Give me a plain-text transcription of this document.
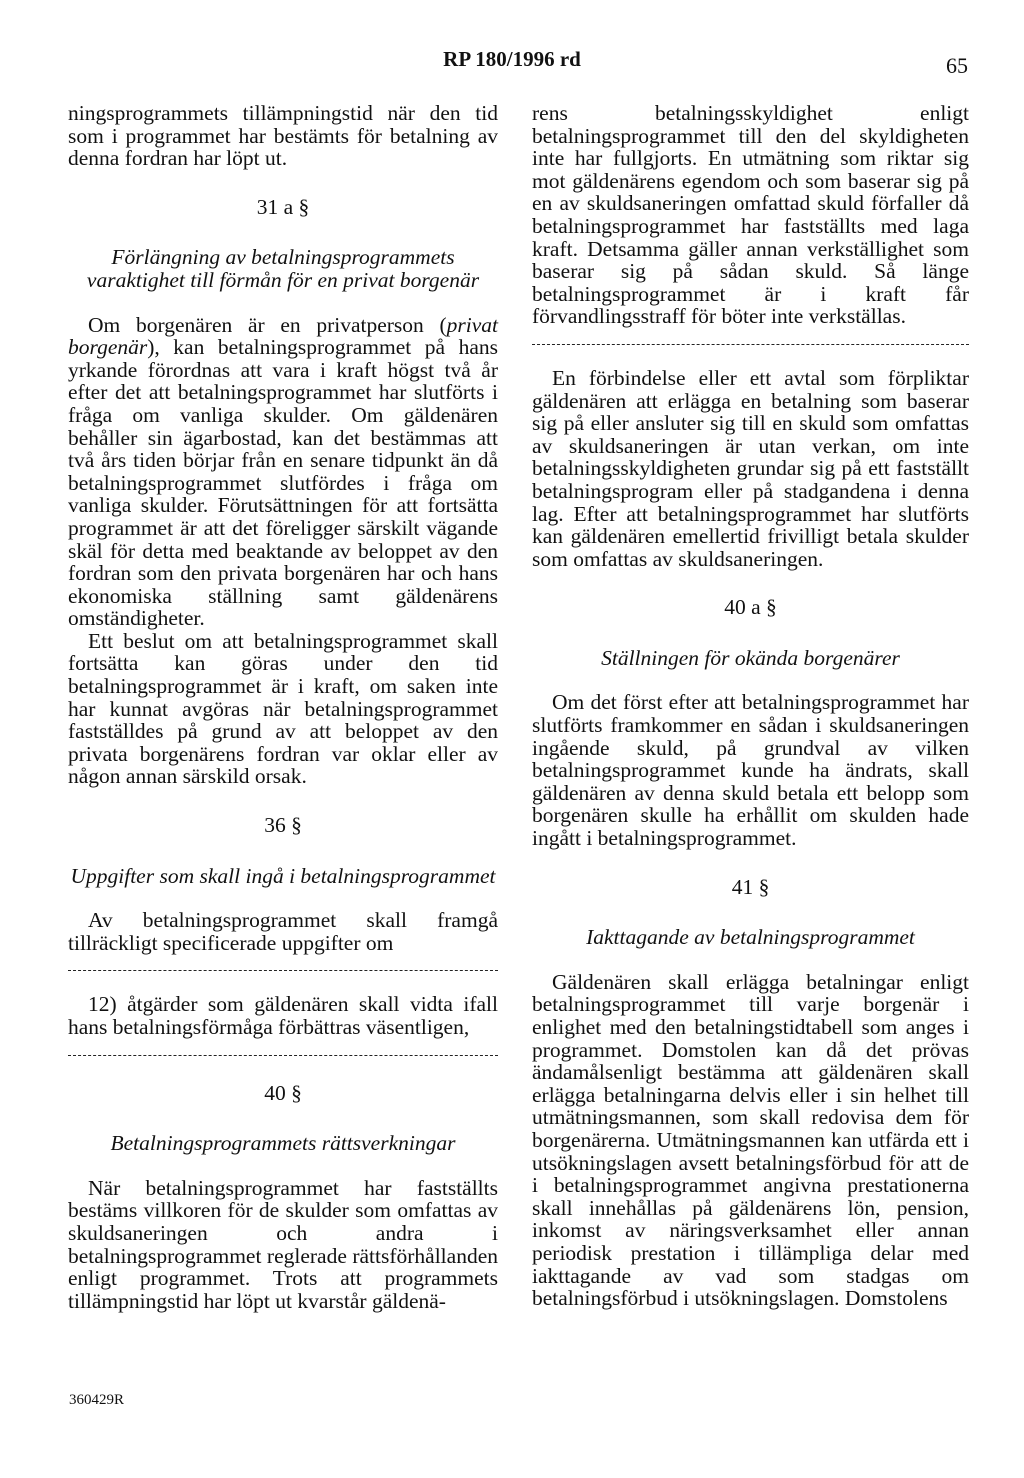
RP 180/1996 rd	65

ningsprogrammets tillämpningstid när den tid som i programmet har bestämts för betalning av denna fordran har löpt ut.

31 a §
Förlängning av betalningsprogrammets varaktighet till förmån för en privat borgenär

Om borgenären är en privatperson (privat borgenär), kan betalningsprogrammet på hans yrkande förordnas att vara i kraft högst två år efter det att betalningsprogrammet har slutförts i fråga om vanliga skulder. Om gäldenären behåller sin ägarbostad, kan det bestämmas att två års tiden börjar från en senare tidpunkt än då betalningsprogrammet slutfördes i fråga om vanliga skulder. Förutsättningen för att fortsätta programmet är att det föreligger särskilt vägande skäl för detta med beaktande av beloppet av den fordran som den privata borgenären har och hans ekonomiska ställning samt gäldenärens omständigheter.

Ett beslut om att betalningsprogrammet skall fortsätta kan göras under den tid betalningsprogrammet är i kraft, om saken inte har kunnat avgöras när betalningsprogrammet fastställdes på grund av att beloppet av den privata borgenärens fordran var oklar eller av någon annan särskild orsak.

36 §
Uppgifter som skall ingå i betalningsprogrammet

Av betalningsprogrammet skall framgå tillräckligt specificerade uppgifter om

12) åtgärder som gäldenären skall vidta ifall hans betalningsförmåga förbättras väsentligen,

40 §
Betalningsprogrammets rättsverkningar

När betalningsprogrammet har fastställts bestäms villkoren för de skulder som omfattas av skuldsaneringen och andra i betalningsprogrammet reglerade rättsförhållanden enligt programmet. Trots att programmets tillämpningstid har löpt ut kvarstår gäldenä-

rens betalningsskyldighet enligt betalningsprogrammet till den del skyldigheten inte har fullgjorts. En utmätning som riktar sig mot gäldenärens egendom och som baserar sig på en av skuldsaneringen omfattad skuld förfaller då betalningsprogrammet har fastställts med laga kraft. Detsamma gäller annan verkställighet som baserar sig på sådan skuld. Så länge betalningsprogrammet är i kraft får förvandlingsstraff för böter inte verkställas.

En förbindelse eller ett avtal som förpliktar gäldenären att erlägga en betalning som baserar sig på eller ansluter sig till en skuld som omfattas av skuldsaneringen är utan verkan, om inte betalningsskyldigheten grundar sig på ett fastställt betalningsprogram eller på stadgandena i denna lag. Efter att betalningsprogrammet har slutförts kan gäldenären emellertid frivilligt betala skulder som omfattas av skuldsaneringen.

40 a §
Ställningen för okända borgenärer

Om det först efter att betalningsprogrammet har slutförts framkommer en sådan i skuldsaneringen ingående skuld, på grundval av vilken betalningsprogrammet kunde ha ändrats, skall gäldenären av denna skuld betala ett belopp som borgenären skulle ha erhållit om skulden hade ingått i betalningsprogrammet.

41 §
Iakttagande av betalningsprogrammet

Gäldenären skall erlägga betalningar enligt betalningsprogrammet till varje borgenär i enlighet med den betalningstidtabell som anges i programmet. Domstolen kan då det prövas ändamålsenligt bestämma att gäldenären skall erlägga betalningarna delvis eller i sin helhet till utmätningsmannen, som skall redovisa dem för borgenärerna. Utmätningsmannen kan utfärda ett i utsökningslagen avsett betalningsförbud för att de i betalningsprogrammet angivna prestationerna skall innehållas på gäldenärens lön, pension, inkomst av näringsverksamhet eller annan periodisk prestation i tillämpliga delar med iakttagande av vad som stadgas om betalningsförbud i utsökningslagen. Domstolens

360429R
